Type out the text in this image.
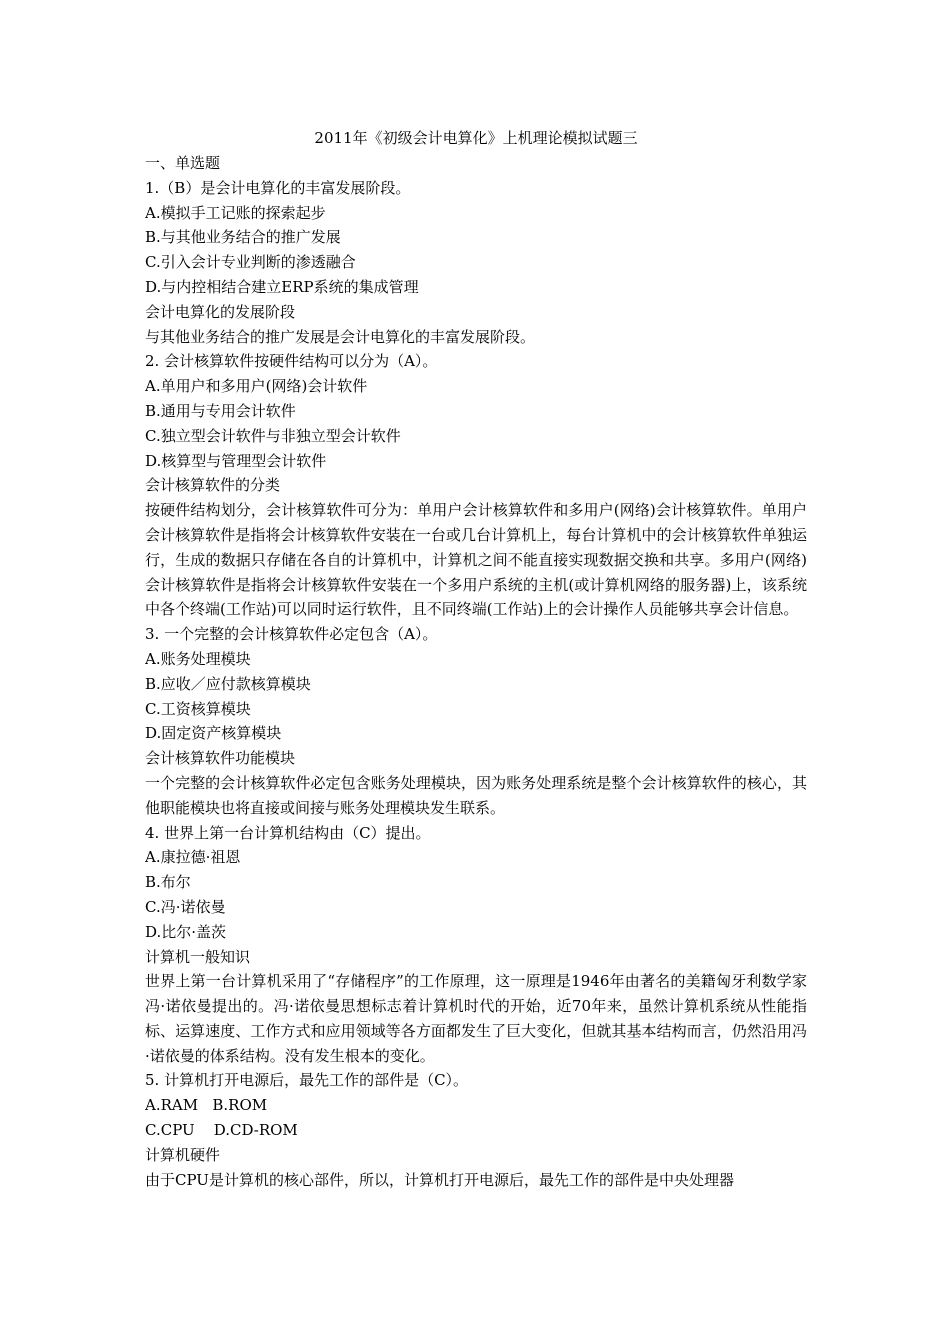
2011年《初级会计电算化》上机理论模拟试题三

一、单选题

1.（B）是会计电算化的丰富发展阶段。

A.模拟手工记账的探索起步

B.与其他业务结合的推广发展

C.引入会计专业判断的渗透融合

D.与内控相结合建立ERP系统的集成管理

会计电算化的发展阶段

与其他业务结合的推广发展是会计电算化的丰富发展阶段。

2. 会计核算软件按硬件结构可以分为（A）。

A.单用户和多用户(网络)会计软件

B.通用与专用会计软件

C.独立型会计软件与非独立型会计软件

D.核算型与管理型会计软件

会计核算软件的分类

按硬件结构划分，会计核算软件可分为：单用户会计核算软件和多用户(网络)会计核算软件。单用户会计核算软件是指将会计核算软件安装在一台或几台计算机上，每台计算机中的会计核算软件单独运行，生成的数据只存储在各自的计算机中，计算机之间不能直接实现数据交换和共享。多用户(网络)会计核算软件是指将会计核算软件安装在一个多用户系统的主机(或计算机网络的服务器)上，该系统中各个终端(工作站)可以同时运行软件，且不同终端(工作站)上的会计操作人员能够共享会计信息。

3. 一个完整的会计核算软件必定包含（A）。

A.账务处理模块

B.应收／应付款核算模块

C.工资核算模块

D.固定资产核算模块

会计核算软件功能模块

一个完整的会计核算软件必定包含账务处理模块，因为账务处理系统是整个会计核算软件的核心，其他职能模块也将直接或间接与账务处理模块发生联系。

4. 世界上第一台计算机结构由（C）提出。

A.康拉德·祖恩

B.布尔

C.冯·诺依曼

D.比尔·盖茨

计算机一般知识

世界上第一台计算机采用了“存储程序”的工作原理，这一原理是1946年由著名的美籍匈牙利数学家冯·诺依曼提出的。冯·诺依曼思想标志着计算机时代的开始，近70年来，虽然计算机系统从性能指标、运算速度、工作方式和应用领域等各方面都发生了巨大变化，但就其基本结构而言，仍然沿用冯·诺依曼的体系结构。没有发生根本的变化。

5. 计算机打开电源后，最先工作的部件是（C）。

A.RAM   B.ROM

C.CPU    D.CD-ROM

计算机硬件

由于CPU是计算机的核心部件，所以，计算机打开电源后，最先工作的部件是中央处理器
